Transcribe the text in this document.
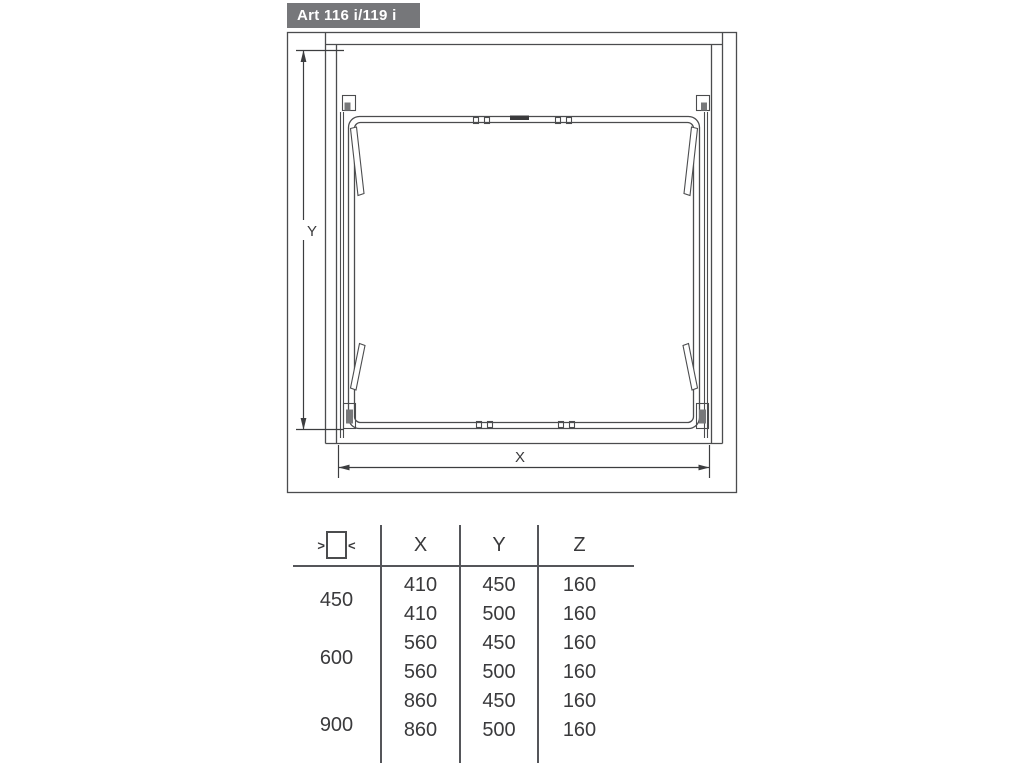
Art 116 i/119 i
Y
X
> <	X	Y	Z
450	410	450	160
	410	500	160
600	560	450	160
	560	500	160
900	860	450	160
	860	500	160
